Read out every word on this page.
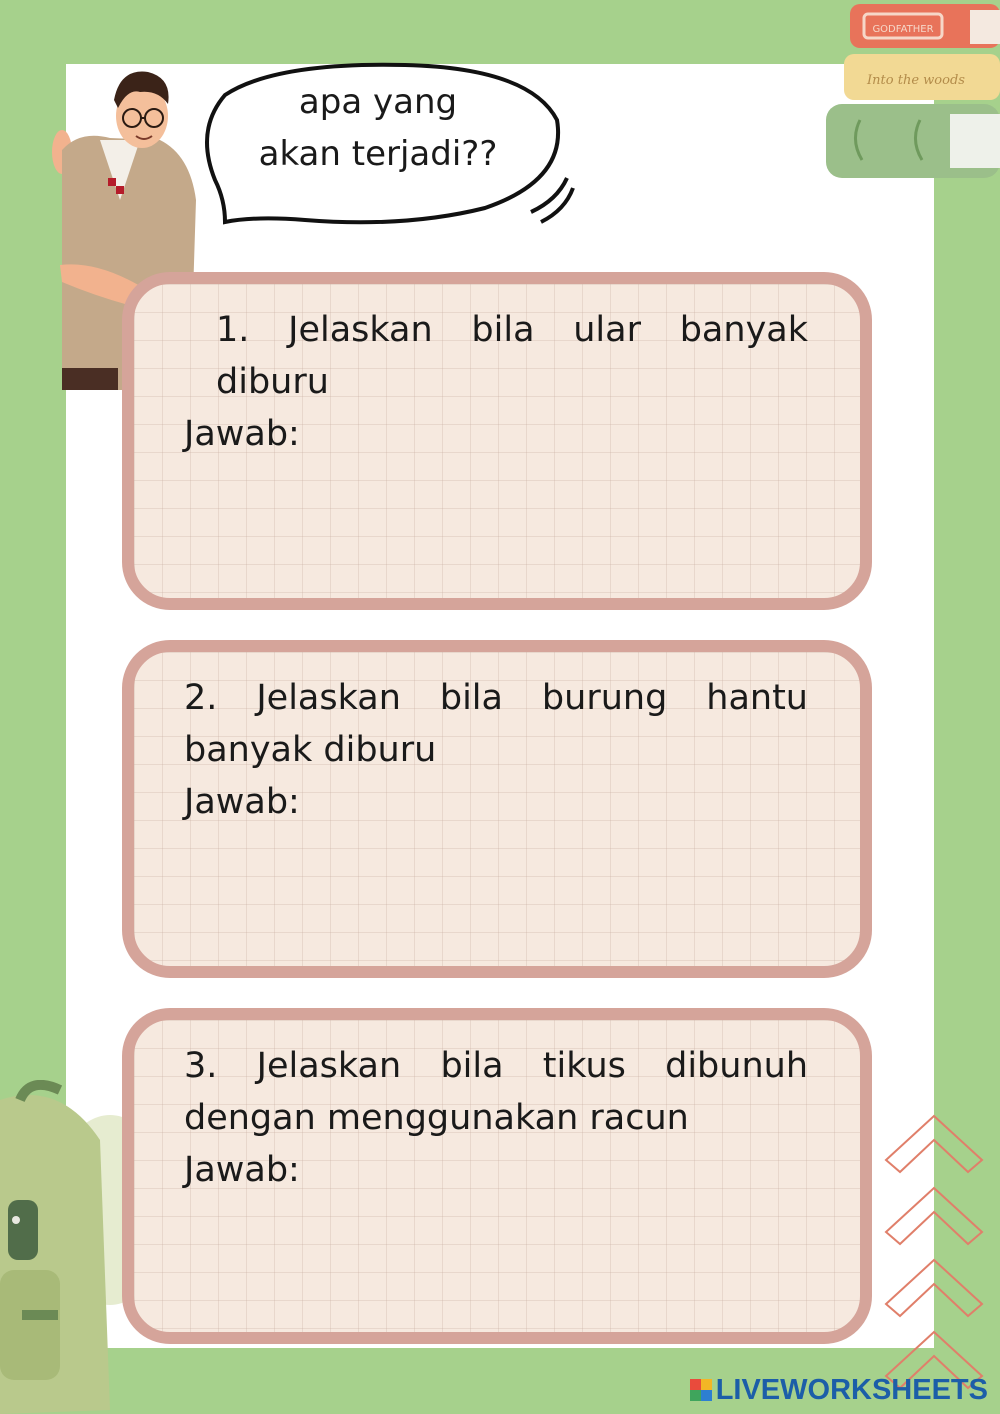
apa yang
akan terjadi??
GODFATHER
Into the woods
1. Jelaskan bila ular banyak diburu
Jawab:
2. Jelaskan bila burung hantu banyak diburu
Jawab:
3. Jelaskan bila tikus dibunuh dengan menggunakan racun
Jawab:
LIVEWORKSHEETS
